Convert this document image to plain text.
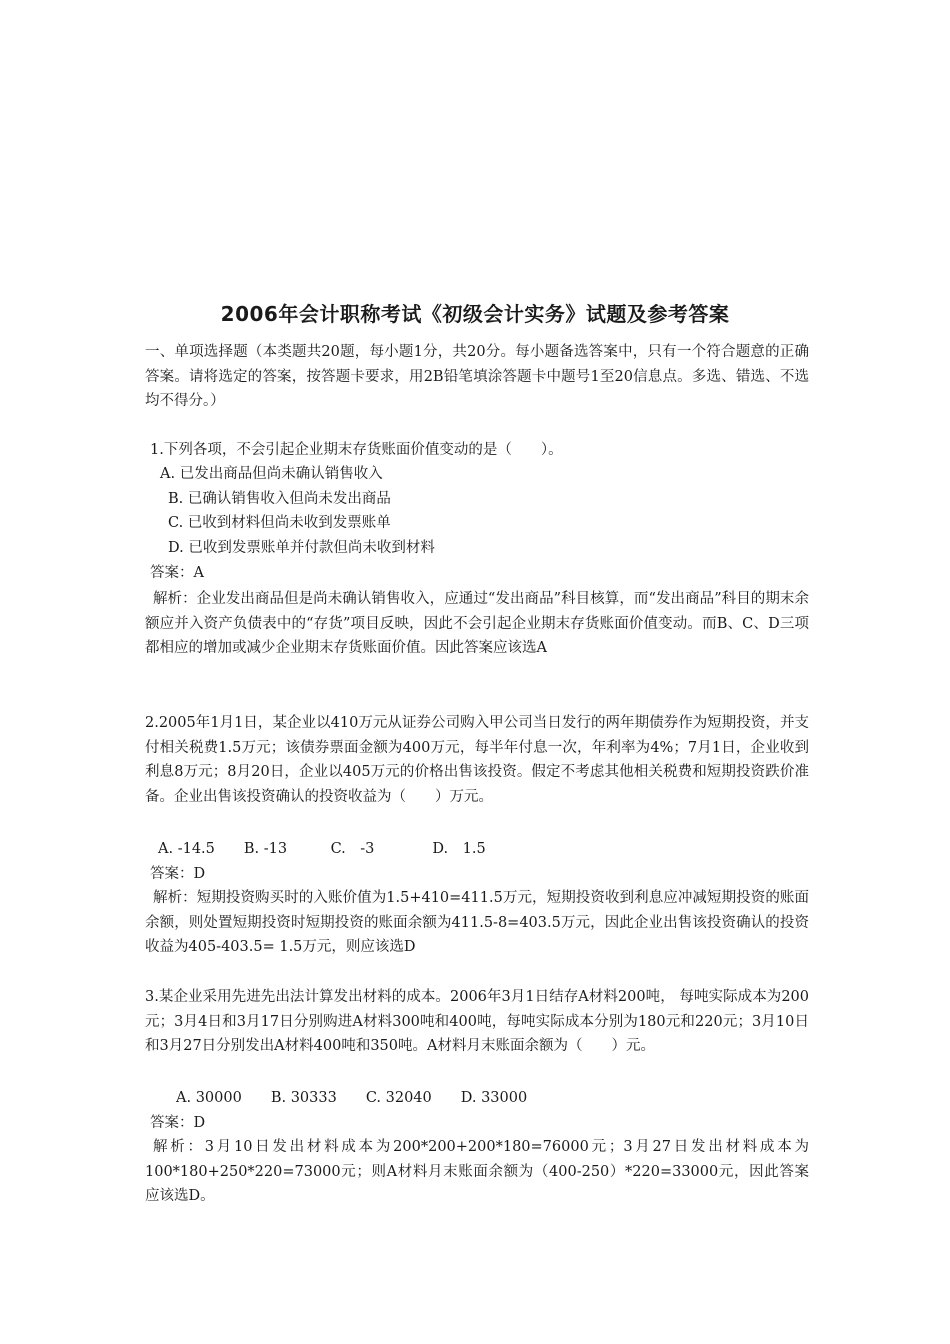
2006年会计职称考试《初级会计实务》试题及参考答案

一、单项选择题（本类题共20题，每小题1分，共20分。每小题备选答案中，只有一个符合题意的正确答案。请将选定的答案，按答题卡要求，用2B铅笔填涂答题卡中题号1至20信息点。多选、错选、不选均不得分。）

1.下列各项，不会引起企业期末存货账面价值变动的是（　　）。

A. 已发出商品但尚未确认销售收入

B. 已确认销售收入但尚未发出商品

C. 已收到材料但尚未收到发票账单

D. 已收到发票账单并付款但尚未收到材料

答案：A

解析：企业发出商品但是尚未确认销售收入，应通过“发出商品”科目核算，而“发出商品”科目的期末余额应并入资产负债表中的“存货”项目反映，因此不会引起企业期末存货账面价值变动。而B、C、D三项都相应的增加或减少企业期末存货账面价值。因此答案应该选A

2.2005年1月1日，某企业以410万元从证券公司购入甲公司当日发行的两年期债券作为短期投资，并支付相关税费1.5万元；该债券票面金额为400万元，每半年付息一次，年利率为4%；7月1日，企业收到利息8万元；8月20日，企业以405万元的价格出售该投资。假定不考虑其他相关税费和短期投资跌价准备。企业出售该投资确认的投资收益为（　　）万元。

A. -14.5　　B. -13　　　C.　-3　　　　D.　1.5

答案：D

解析：短期投资购买时的入账价值为1.5+410=411.5万元，短期投资收到利息应冲减短期投资的账面余额，则处置短期投资时短期投资的账面余额为411.5-8=403.5万元，因此企业出售该投资确认的投资收益为405-403.5= 1.5万元，则应该选D

3.某企业采用先进先出法计算发出材料的成本。2006年3月1日结存A材料200吨， 每吨实际成本为200元；3月4日和3月17日分别购进A材料300吨和400吨，每吨实际成本分别为180元和220元；3月10日和3月27日分别发出A材料400吨和350吨。A材料月末账面余额为（　　）元。

A. 30000　　B. 30333　　C. 32040　　D. 33000

答案：D

解析：3月10日发出材料成本为200*200+200*180=76000元；3月27日发出材料成本为100*180+250*220=73000元；则A材料月末账面余额为（400-250）*220=33000元，因此答案应该选D。
